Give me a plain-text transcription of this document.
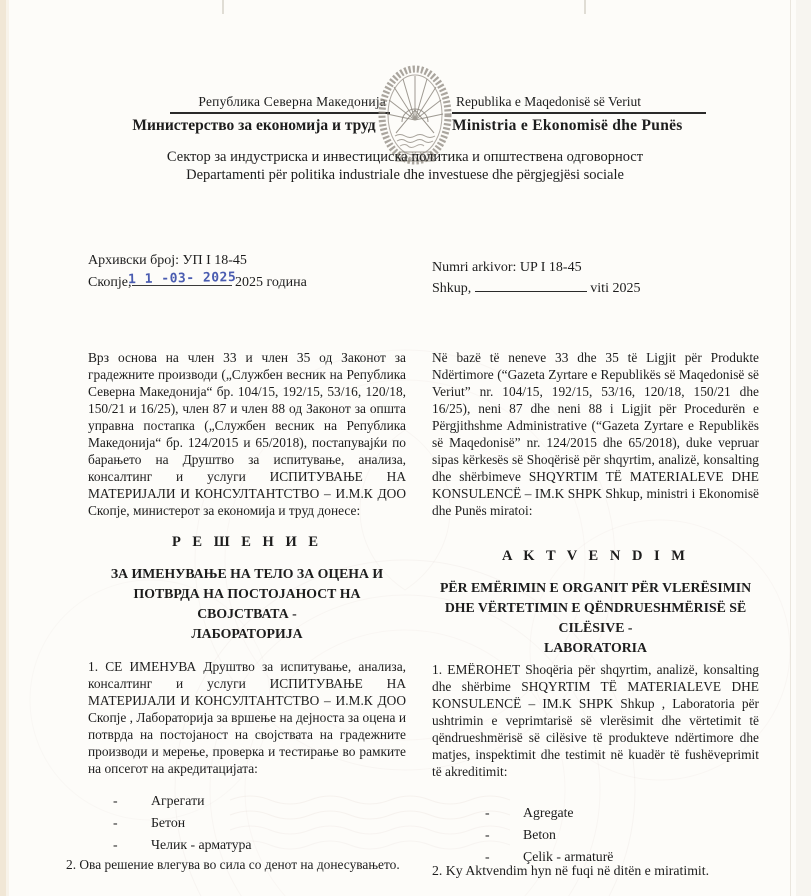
Република Северна Македонија
Министерство за економија и труд
Republika e Maqedonisë së Veriut
Ministria e Ekonomisë dhe Punës
Сектор за индустриска и инвестициска политика и општествена одговорност
Departamenti për politika industriale dhe investuese dhe përgjegjësi sociale
Архивски број: УП I 18-45
Скопје,
1 1 -03- 2025 2025 година
Numri arkivor: UP I 18-45
Shkup,	viti 2025

Врз основа на член 33 и член 35 од Законот за градежните производи („Службен весник на Република Северна Македонија“ бр. 104/15, 192/15, 53/16, 120/18, 150/21 и 16/25), член 87 и член 88 од Законот за општа управна постапка („Службен весник на Република Македонија“ бр. 124/2015 и 65/2018), постапувајќи по барањето на Друштво за испитување, анализа, консалтинг и услуги ИСПИТУВАЊЕ НА МАТЕРИЈАЛИ И КОНСУЛТАНТСТВО – И.М.К ДОО Скопје, министерот за економија и труд донесе:

Në bazë të neneve 33 dhe 35 të Ligjit për Produkte Ndërtimore (“Gazeta Zyrtare e Republikës së Maqedonisë së Veriut” nr. 104/15, 192/15, 53/16, 120/18, 150/21 dhe 16/25), neni 87 dhe neni 88 i Ligjit për Procedurën e Përgjithshme Administrative (“Gazeta Zyrtare e Republikës së Maqedonisë” nr. 124/2015 dhe 65/2018), duke vepruar sipas kërkesës së Shoqërisë për shqyrtim, analizë, konsalting dhe shërbimeve SHQYRTIM TË MATERIALEVE DHE KONSULENCË – IM.K SHPK Shkup, ministri i Ekonomisë dhe Punës miratoi:

Р Е Ш Е Н И Е
ЗА ИМЕНУВАЊЕ НА ТЕЛО ЗА ОЦЕНА И
ПОТВРДА НА ПОСТОЈАНОСТ НА
СВОЈСТВАТА -
ЛАБОРАТОРИЈА
A K T V E N D I M
PËR EMËRIMIN E ORGANIT PËR VLERËSIMIN
DHE VËRTETIMIN E QËNDRUESHMËRISË SË
CILËSIVE -
LABORATORIA

1. СЕ ИМЕНУВА Друштво за испитување, анализа, консалтинг и услуги ИСПИТУВАЊЕ НА МАТЕРИЈАЛИ И КОНСУЛТАНТСТВО – И.М.К ДОО Скопје , Лабораторија за вршење на дејноста за оцена и потврда на постојаност на својствата на градежните производи и мерење, проверка и тестирање во рамките на опсегот на акредитацијата:

1. EMËROHET Shoqëria për shqyrtim, analizë, konsalting dhe shërbime SHQYRTIM TË MATERIALEVE DHE KONSULENCË – IM.K SHPK Shkup , Laboratoria për ushtrimin e veprimtarisë së vlerësimit dhe vërtetimit të qëndrueshmërisë së cilësive të produkteve ndërtimore dhe matjes, inspektimit dhe testimit në kuadër të fushëveprimit të akreditimit:

- Агрегати
- Бетон
- Челик - арматура
- Agregate
- Beton
- Çelik - armaturë

2. Ова решение влегува во сила со денот на донесувањето.	2. Ky Aktvendim hyn në fuqi në ditën e miratimit.
